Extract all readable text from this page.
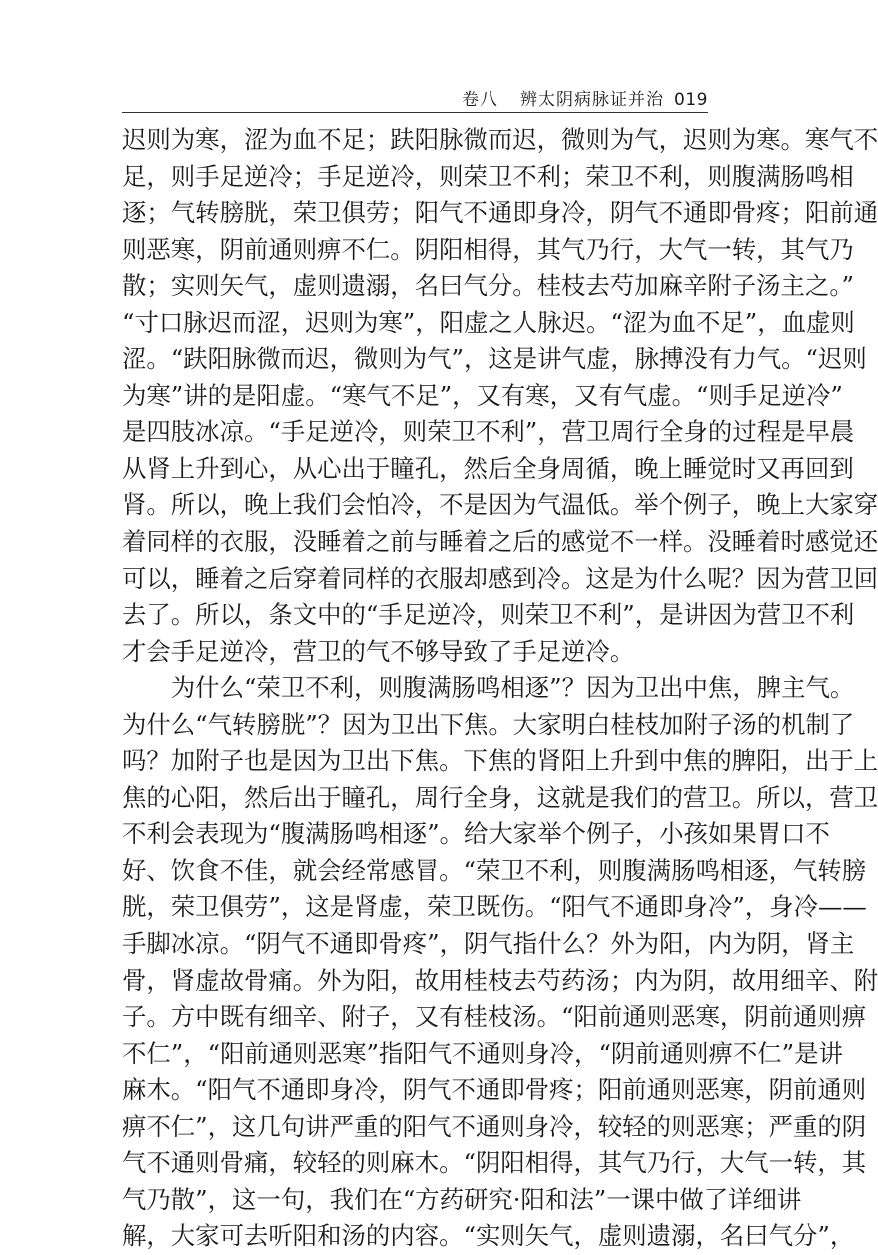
卷八 辨太阴病脉证并治 019
迟则为寒，涩为血不足；趺阳脉微而迟，微则为气，迟则为寒。寒气不
足，则手足逆冷；手足逆冷，则荣卫不利；荣卫不利，则腹满肠鸣相
逐；气转膀胱，荣卫俱劳；阳气不通即身冷，阴气不通即骨疼；阳前通
则恶寒，阴前通则痹不仁。阴阳相得，其气乃行，大气一转，其气乃
散；实则矢气，虚则遗溺，名曰气分。桂枝去芍加麻辛附子汤主之。”
“寸口脉迟而涩，迟则为寒”，阳虚之人脉迟。“涩为血不足”，血虚则
涩。“趺阳脉微而迟，微则为气”，这是讲气虚，脉搏没有力气。“迟则
为寒”讲的是阳虚。“寒气不足”，又有寒，又有气虚。“则手足逆冷”
是四肢冰凉。“手足逆冷，则荣卫不利”，营卫周行全身的过程是早晨
从肾上升到心，从心出于瞳孔，然后全身周循，晚上睡觉时又再回到
肾。所以，晚上我们会怕冷，不是因为气温低。举个例子，晚上大家穿
着同样的衣服，没睡着之前与睡着之后的感觉不一样。没睡着时感觉还
可以，睡着之后穿着同样的衣服却感到冷。这是为什么呢？因为营卫回
去了。所以，条文中的“手足逆冷，则荣卫不利”，是讲因为营卫不利
才会手足逆冷，营卫的气不够导致了手足逆冷。
　　为什么“荣卫不利，则腹满肠鸣相逐”？因为卫出中焦，脾主气。
为什么“气转膀胱”？因为卫出下焦。大家明白桂枝加附子汤的机制了
吗？加附子也是因为卫出下焦。下焦的肾阳上升到中焦的脾阳，出于上
焦的心阳，然后出于瞳孔，周行全身，这就是我们的营卫。所以，营卫
不利会表现为“腹满肠鸣相逐”。给大家举个例子，小孩如果胃口不
好、饮食不佳，就会经常感冒。“荣卫不利，则腹满肠鸣相逐，气转膀
胱，荣卫俱劳”，这是肾虚，荣卫既伤。“阳气不通即身冷”，身冷——
手脚冰凉。“阴气不通即骨疼”，阴气指什么？外为阳，内为阴，肾主
骨，肾虚故骨痛。外为阳，故用桂枝去芍药汤；内为阴，故用细辛、附
子。方中既有细辛、附子，又有桂枝汤。“阳前通则恶寒，阴前通则痹
不仁”，“阳前通则恶寒”指阳气不通则身冷，“阴前通则痹不仁”是讲
麻木。“阳气不通即身冷，阴气不通即骨疼；阳前通则恶寒，阴前通则
痹不仁”，这几句讲严重的阳气不通则身冷，较轻的则恶寒；严重的阴
气不通则骨痛，较轻的则麻木。“阴阳相得，其气乃行，大气一转，其
气乃散”，这一句，我们在“方药研究·阳和法”一课中做了详细讲
解，大家可去听阳和汤的内容。“实则矢气，虚则遗溺，名曰气分”，
